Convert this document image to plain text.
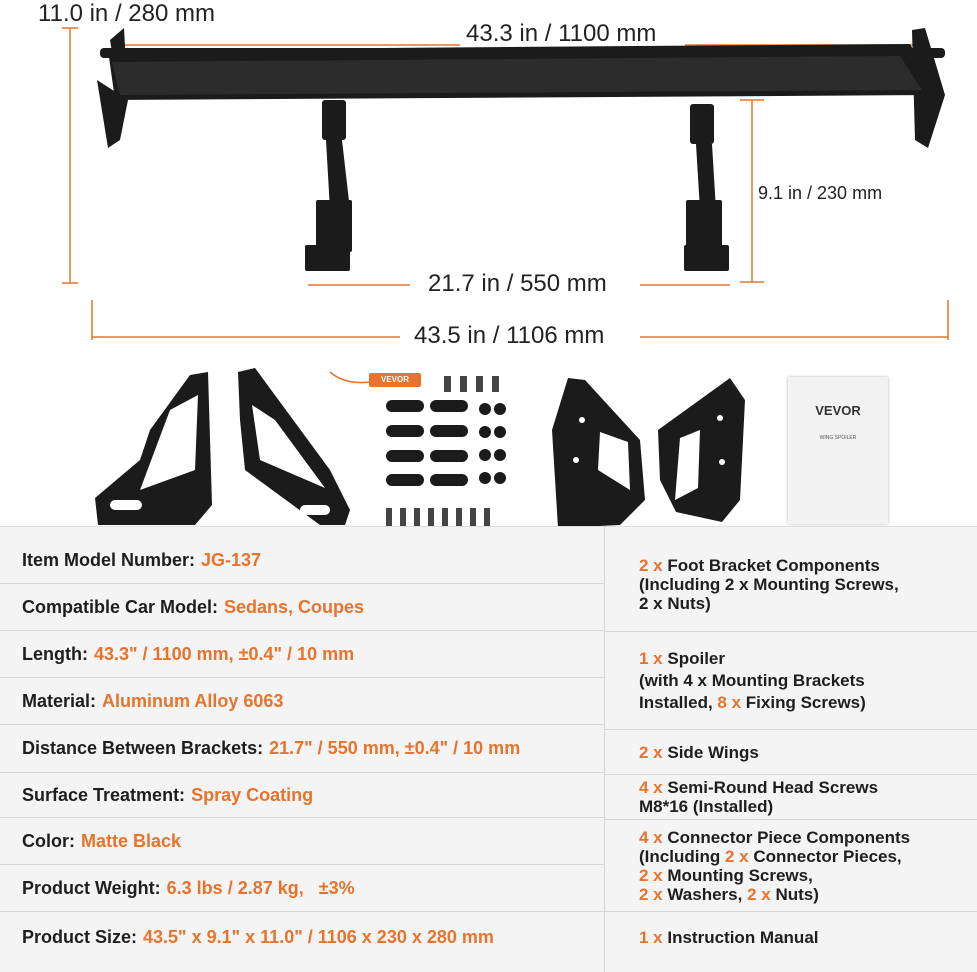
11.0 in / 280 mm
43.3 in / 1100 mm
9.1 in / 230 mm
21.7 in / 550 mm
43.5 in / 1106 mm
VEVOR
VEVOR
WING SPOILER
Item Model Number: JG-137
Compatible Car Model: Sedans, Coupes
Length: 43.3" / 1100 mm, ±0.4" / 10 mm
Material: Aluminum Alloy 6063
Distance Between Brackets: 21.7" / 550 mm, ±0.4" / 10 mm
Surface Treatment: Spray Coating
Color: Matte Black
Product Weight: 6.3 lbs / 2.87 kg,   ±3%
Product Size: 43.5" x 9.1" x 11.0" / 1106 x 230 x 280 mm
2 x Foot Bracket Components
(Including 2 x Mounting Screws,
2 x Nuts)
1 x Spoiler
(with 4 x Mounting Brackets
Installed, 8 x Fixing Screws)
2 x Side Wings
4 x Semi-Round Head Screws
M8*16 (Installed)
4 x Connector Piece Components
(Including 2 x Connector Pieces,
2 x Mounting Screws,
2 x Washers, 2 x Nuts)
1 x Instruction Manual
